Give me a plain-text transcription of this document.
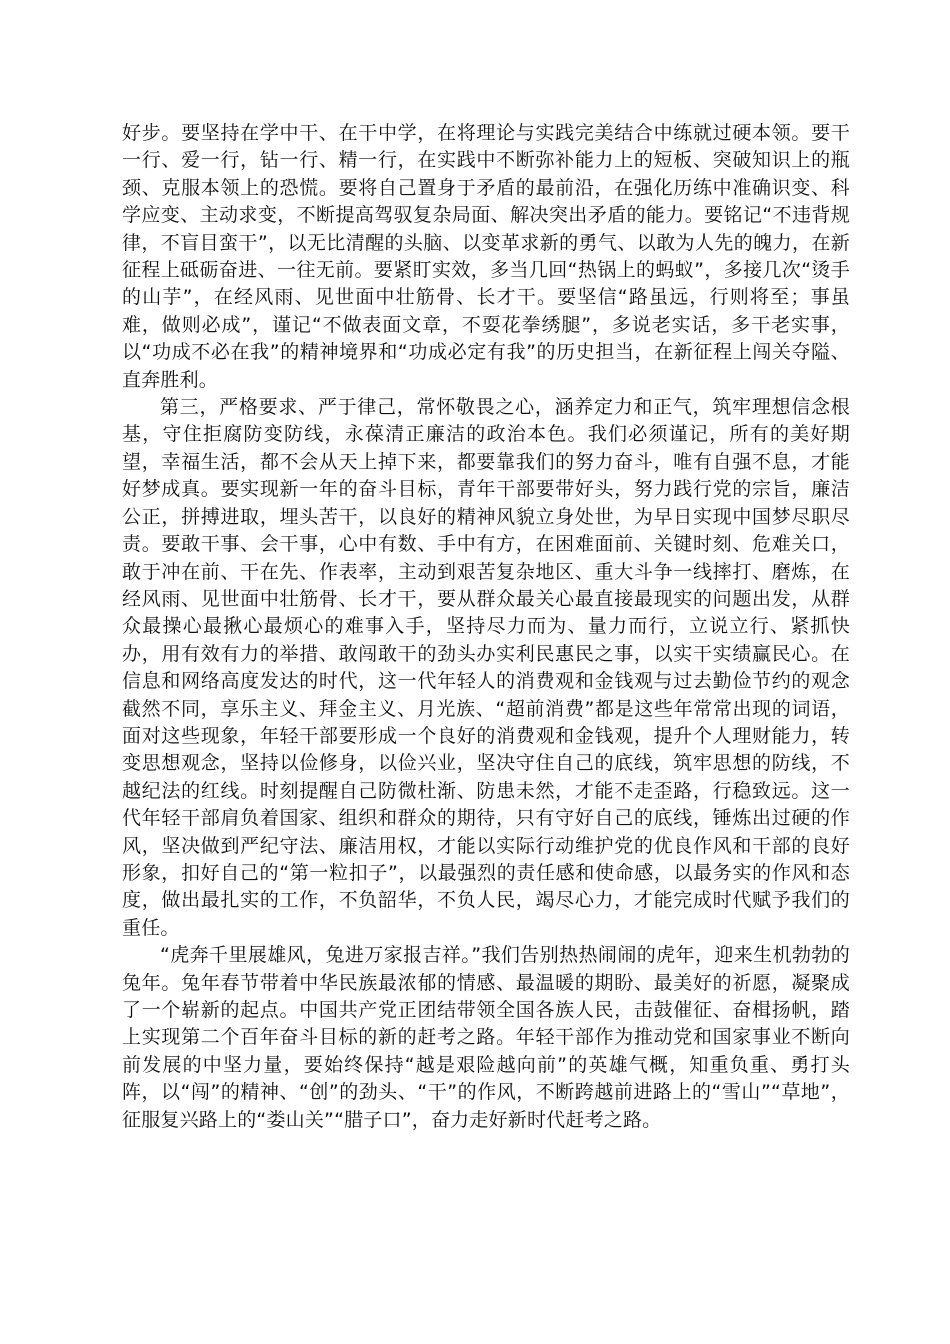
好步。要坚持在学中干、在干中学，在将理论与实践完美结合中练就过硬本领。要干一行、爱一行，钻一行、精一行，在实践中不断弥补能力上的短板、突破知识上的瓶颈、克服本领上的恐慌。要将自己置身于矛盾的最前沿，在强化历练中准确识变、科学应变、主动求变，不断提高驾驭复杂局面、解决突出矛盾的能力。要铭记“不违背规律，不盲目蛮干”，以无比清醒的头脑、以变革求新的勇气、以敢为人先的魄力，在新征程上砥砺奋进、一往无前。要紧盯实效，多当几回“热锅上的蚂蚁”，多接几次“烫手的山芋”，在经风雨、见世面中壮筋骨、长才干。要坚信“路虽远，行则将至；事虽难，做则必成”，谨记“不做表面文章，不耍花拳绣腿”，多说老实话，多干老实事，以“功成不必在我”的精神境界和“功成必定有我”的历史担当，在新征程上闯关夺隘、直奔胜利。

第三，严格要求、严于律己，常怀敬畏之心，涵养定力和正气，筑牢理想信念根基，守住拒腐防变防线，永葆清正廉洁的政治本色。我们必须谨记，所有的美好期望，幸福生活，都不会从天上掉下来，都要靠我们的努力奋斗，唯有自强不息，才能好梦成真。要实现新一年的奋斗目标，青年干部要带好头，努力践行党的宗旨，廉洁公正，拼搏进取，埋头苦干，以良好的精神风貌立身处世，为早日实现中国梦尽职尽责。要敢干事、会干事，心中有数、手中有方，在困难面前、关键时刻、危难关口，敢于冲在前、干在先、作表率，主动到艰苦复杂地区、重大斗争一线摔打、磨炼，在经风雨、见世面中壮筋骨、长才干，要从群众最关心最直接最现实的问题出发，从群众最操心最揪心最烦心的难事入手，坚持尽力而为、量力而行，立说立行、紧抓快办，用有效有力的举措、敢闯敢干的劲头办实利民惠民之事，以实干实绩赢民心。在信息和网络高度发达的时代，这一代年轻人的消费观和金钱观与过去勤俭节约的观念截然不同，享乐主义、拜金主义、月光族、“超前消费”都是这些年常常出现的词语，面对这些现象，年轻干部要形成一个良好的消费观和金钱观，提升个人理财能力，转变思想观念，坚持以俭修身，以俭兴业，坚决守住自己的底线，筑牢思想的防线，不越纪法的红线。时刻提醒自己防微杜渐、防患未然，才能不走歪路，行稳致远。这一代年轻干部肩负着国家、组织和群众的期待，只有守好自己的底线，锤炼出过硬的作风，坚决做到严纪守法、廉洁用权，才能以实际行动维护党的优良作风和干部的良好形象，扣好自己的“第一粒扣子”，以最强烈的责任感和使命感，以最务实的作风和态度，做出最扎实的工作，不负韶华，不负人民，竭尽心力，才能完成时代赋予我们的重任。

“虎奔千里展雄风，兔进万家报吉祥。”我们告别热热闹闹的虎年，迎来生机勃勃的兔年。兔年春节带着中华民族最浓郁的情感、最温暖的期盼、最美好的祈愿，凝聚成了一个崭新的起点。中国共产党正团结带领全国各族人民，击鼓催征、奋楫扬帆，踏上实现第二个百年奋斗目标的新的赶考之路。年轻干部作为推动党和国家事业不断向前发展的中坚力量，要始终保持“越是艰险越向前”的英雄气概，知重负重、勇打头阵，以“闯”的精神、“创”的劲头、“干”的作风，不断跨越前进路上的“雪山”“草地”，征服复兴路上的“娄山关”“腊子口”，奋力走好新时代赶考之路。
